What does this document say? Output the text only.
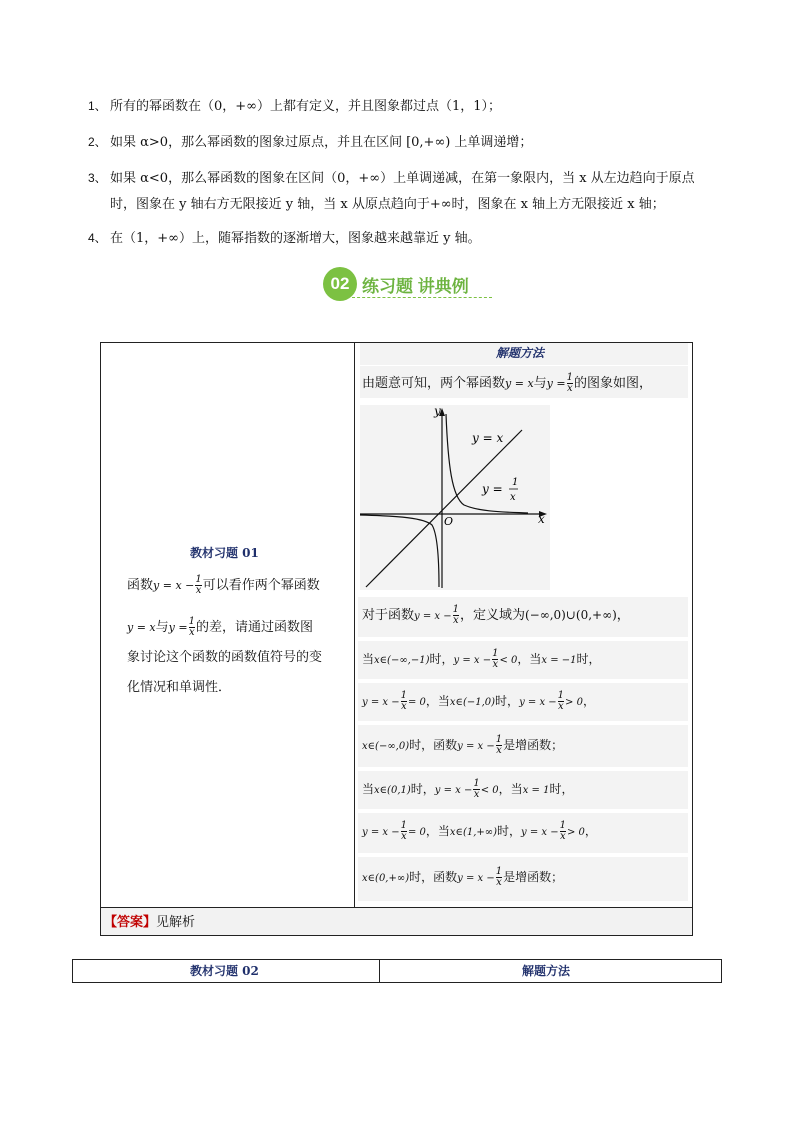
1、 所有的幂函数在（0，+∞）上都有定义，并且图象都过点（1，1）；
2、 如果 α>0，那么幂函数的图象过原点，并且在区间 [0,+∞) 上单调递增；
3、 如果 α<0，那么幂函数的图象在区间（0，+∞）上单调递减，在第一象限内，当 x 从左边趋向于原点
时，图象在 y 轴右方无限接近 y 轴，当 x 从原点趋向于+∞时，图象在 x 轴上方无限接近 x 轴；
4、 在（1，+∞）上，随幂指数的逐渐增大，图象越来越靠近 y 轴。
02 练习题 讲典例
教材习题 01
函数$y = x - \frac{1}{x}$ 可以看作两个幂函数
y = x与$y = \frac{1}{x}$ 的差，请通过函数图
象讨论这个函数的函数值符号的变
化情况和单调性．
解题方法
由题意可知，两个幂函数y = x与$y = \frac{1}{x}$ 的图象如图，
y
x
O
y = x
y = 1
x
对于函数$y = x - \frac{1}{x}$ ，定义域为(−∞,0)∪(0,+∞)，
当x∈(−∞,−1)时，$y = x - \frac{1}{x} < 0$，当x = −1时，
$y = x - \frac{1}{x} = 0$，当x∈(−1,0)时，$y = x - \frac{1}{x} > 0$，
x∈(−∞,0)时，函数$y = x - \frac{1}{x}$ 是增函数；
当x∈(0,1)时，$y = x - \frac{1}{x} < 0$，当x = 1时，
$y = x - \frac{1}{x} = 0$，当x∈(1,+∞)时，$y = x - \frac{1}{x} > 0$，
x∈(0,+∞)时，函数$y = x - \frac{1}{x}$ 是增函数；
【答案】见解析
教材习题 02	解题方法
